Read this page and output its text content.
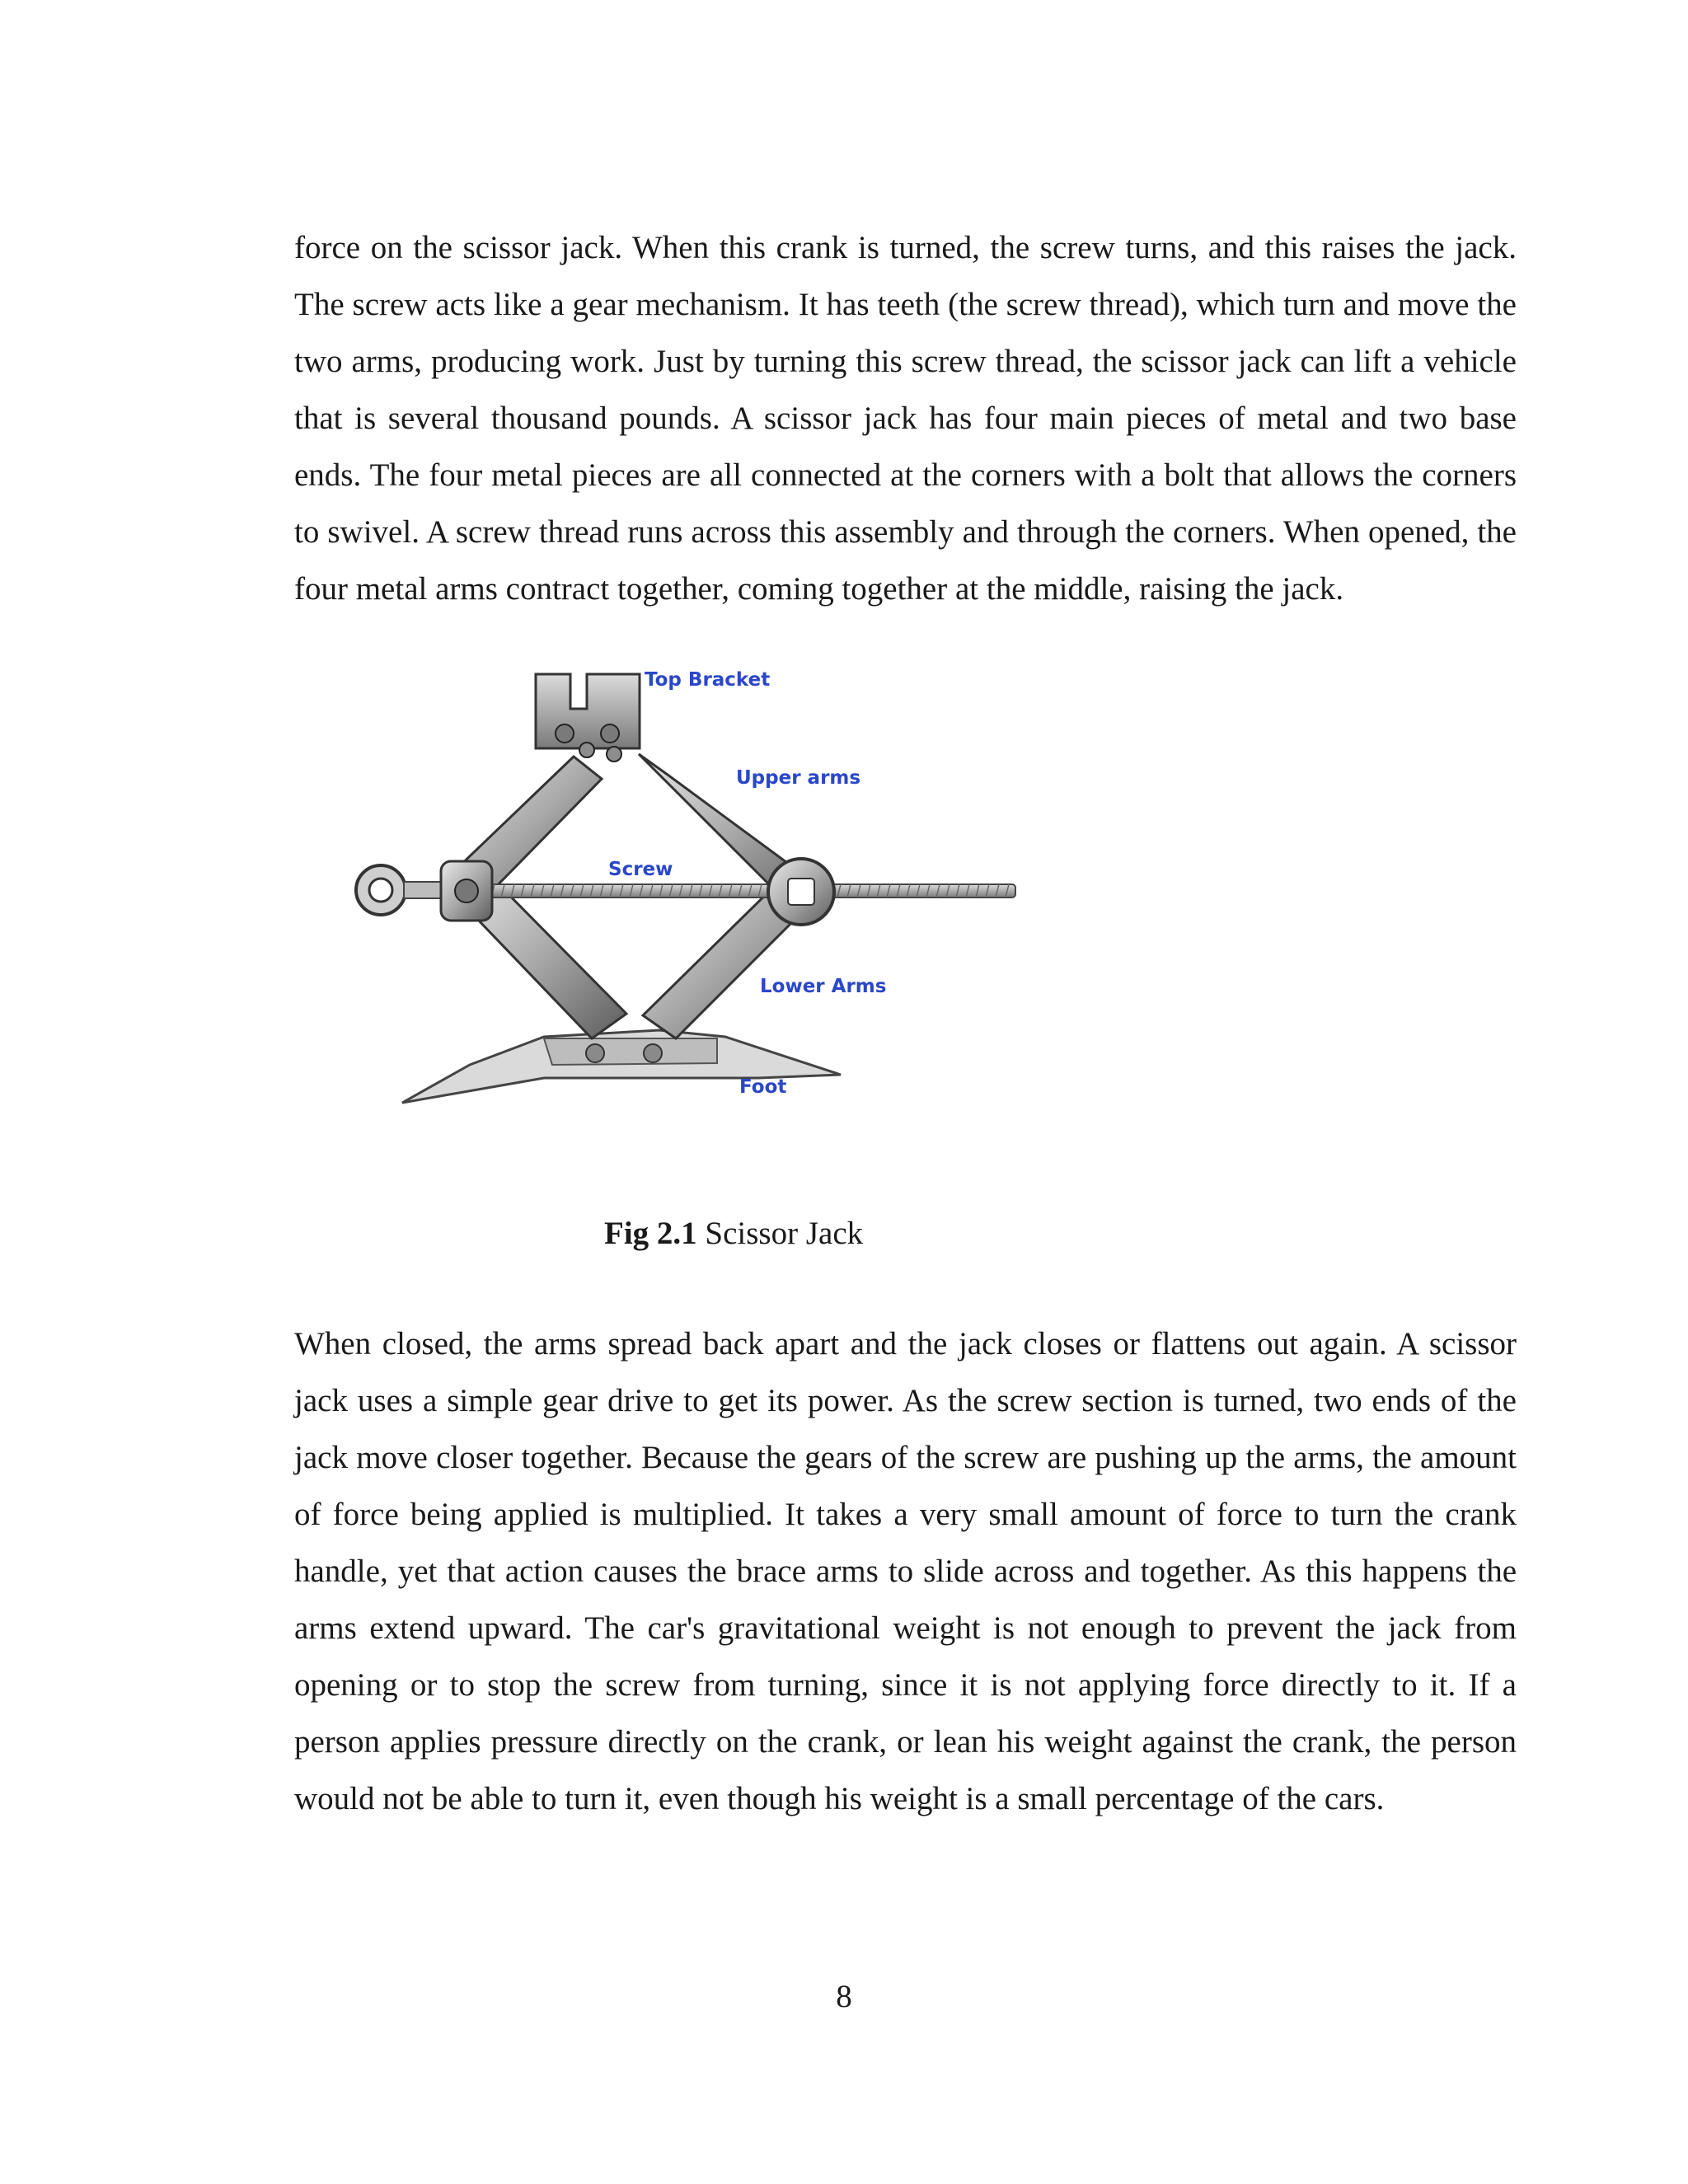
force on the scissor jack. When this crank is turned, the screw turns, and this raises the jack. The screw acts like a gear mechanism. It has teeth (the screw thread), which turn and move the two arms, producing work. Just by turning this screw thread, the scissor jack can lift a vehicle that is several thousand pounds. A scissor jack has four main pieces of metal and two base ends. The four metal pieces are all connected at the corners with a bolt that allows the corners to swivel. A screw thread runs across this assembly and through the corners. When opened, the four metal arms contract together, coming together at the middle, raising the jack.

Top Bracket
Upper arms
Screw
Lower Arms
Foot
Fig 2.1 Scissor Jack

When closed, the arms spread back apart and the jack closes or flattens out again. A scissor jack uses a simple gear drive to get its power. As the screw section is turned, two ends of the jack move closer together. Because the gears of the screw are pushing up the arms, the amount of force being applied is multiplied. It takes a very small amount of force to turn the crank handle, yet that action causes the brace arms to slide across and together. As this happens the arms extend upward. The car's gravitational weight is not enough to prevent the jack from opening or to stop the screw from turning, since it is not applying force directly to it. If a person applies pressure directly on the crank, or lean his weight against the crank, the person would not be able to turn it, even though his weight is a small percentage of the cars.

8
